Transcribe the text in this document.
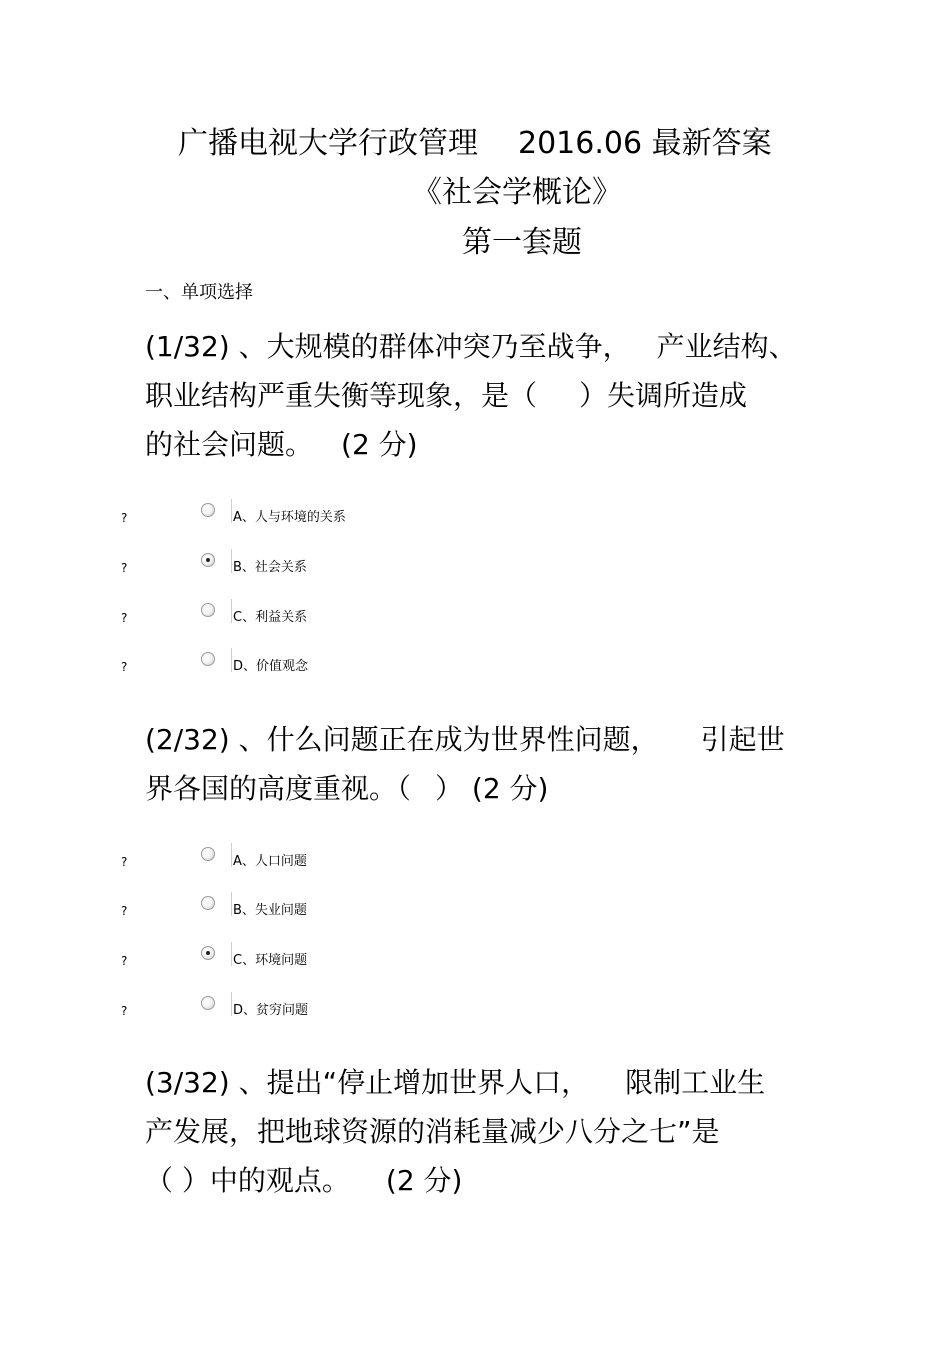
广播电视大学行政管理 2016.06 最新答案
《社会学概论》
第一套题
一、单项选择
(1/32) 、大规模的群体冲突乃至战争， 产业结构、
职业结构严重失衡等现象，是（ ）失调所造成
的社会问题。 (2 分)
?	A、人与环境的关系
?	B、社会关系
?	C、利益关系
?	D、价值观念
(2/32) 、什么问题正在成为世界性问题， 引起世
界各国的高度重视。（ ） (2 分)
?	A、人口问题
?	B、失业问题
?	C、环境问题
?	D、贫穷问题
(3/32) 、提出“停止增加世界人口， 限制工业生
产发展，把地球资源的消耗量减少八分之七”是
（ ）中的观点。 (2 分)
